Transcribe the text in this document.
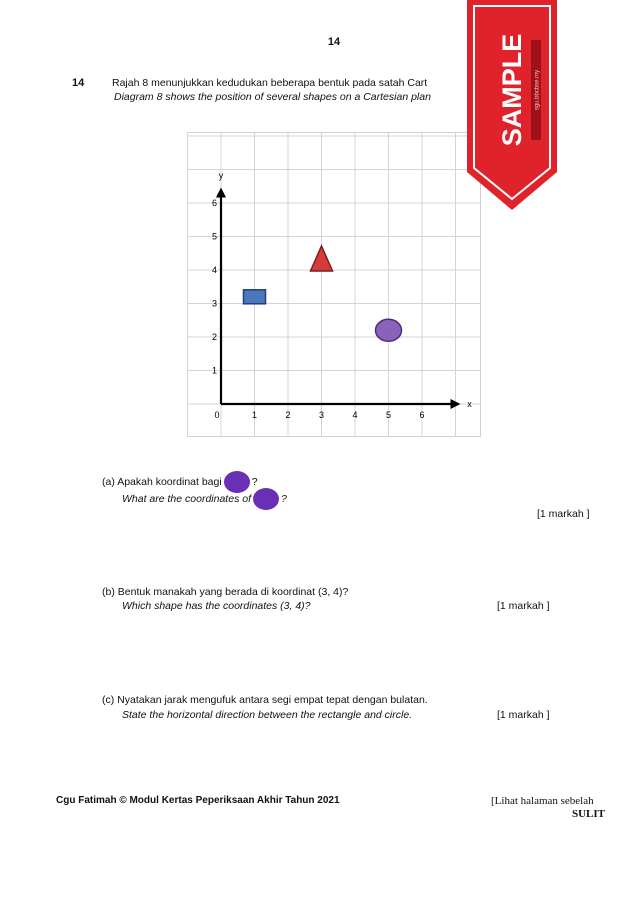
14
14	Rajah 8 menunjukkan kedudukan beberapa bentuk pada satah Cart
Diagram 8 shows the position of several shapes on a Cartesian plan
x
y
0	1	2	3	4	5	6
1
2
3
4
5
6
SAMPLE sgu.bbcbse.my
(a) Apakah koordinat bagi	?
What are the coordinates of	?
[1 markah ]
(b) Bentuk manakah yang berada di koordinat (3, 4)?
Which shape has the coordinates (3, 4)?	[1 markah ]
(c) Nyatakan jarak mengufuk antara segi empat tepat dengan bulatan.
State the horizontal direction between the rectangle and circle.	[1 markah ]
Cgu Fatimah © Modul Kertas Peperiksaan Akhir Tahun 2021	[Lihat halaman sebelah
SULIT
